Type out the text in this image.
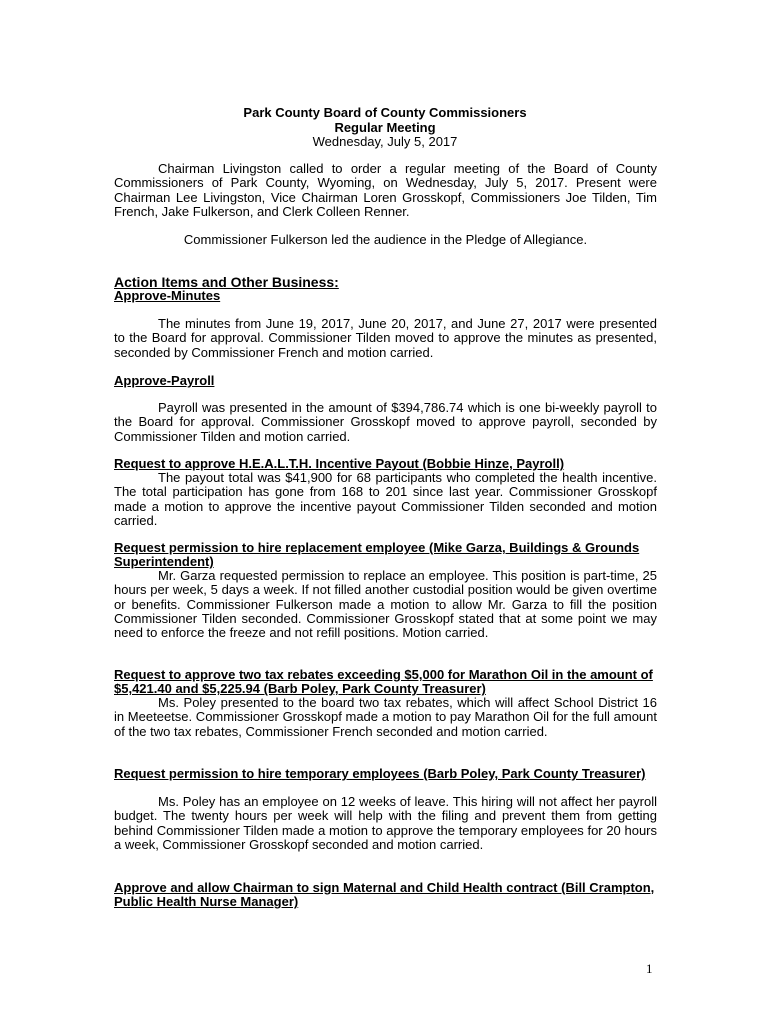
Park County Board of County Commissioners
Regular Meeting
Wednesday, July 5, 2017

Chairman Livingston called to order a regular meeting of the Board of County Commissioners of Park County, Wyoming, on Wednesday, July 5, 2017. Present were Chairman Lee Livingston, Vice Chairman Loren Grosskopf, Commissioners Joe Tilden, Tim French, Jake Fulkerson, and Clerk Colleen Renner.

Commissioner Fulkerson led the audience in the Pledge of Allegiance.

Action Items and Other Business:

Approve-Minutes

The minutes from June 19, 2017, June 20, 2017, and June 27, 2017 were presented to the Board for approval. Commissioner Tilden moved to approve the minutes as presented, seconded by Commissioner French and motion carried.

Approve-Payroll

Payroll was presented in the amount of $394,786.74 which is one bi-weekly payroll to the Board for approval. Commissioner Grosskopf moved to approve payroll, seconded by Commissioner Tilden and motion carried.

Request to approve H.E.A.L.T.H. Incentive Payout (Bobbie Hinze, Payroll)

The payout total was $41,900 for 68 participants who completed the health incentive. The total participation has gone from 168 to 201 since last year. Commissioner Grosskopf made a motion to approve the incentive payout Commissioner Tilden seconded and motion carried.

Request permission to hire replacement employee (Mike Garza, Buildings & Grounds Superintendent)

Mr. Garza requested permission to replace an employee. This position is part-time, 25 hours per week, 5 days a week. If not filled another custodial position would be given overtime or benefits. Commissioner Fulkerson made a motion to allow Mr. Garza to fill the position Commissioner Tilden seconded. Commissioner Grosskopf stated that at some point we may need to enforce the freeze and not refill positions. Motion carried.

Request to approve two tax rebates exceeding $5,000 for Marathon Oil in the amount of $5,421.40 and $5,225.94 (Barb Poley, Park County Treasurer)

Ms. Poley presented to the board two tax rebates, which will affect School District 16 in Meeteetse. Commissioner Grosskopf made a motion to pay Marathon Oil for the full amount of the two tax rebates, Commissioner French seconded and motion carried.

Request permission to hire temporary employees (Barb Poley, Park County Treasurer)

Ms. Poley has an employee on 12 weeks of leave. This hiring will not affect her payroll budget. The twenty hours per week will help with the filing and prevent them from getting behind Commissioner Tilden made a motion to approve the temporary employees for 20 hours a week, Commissioner Grosskopf seconded and motion carried.

Approve and allow Chairman to sign Maternal and Child Health contract (Bill Crampton, Public Health Nurse Manager)

1
